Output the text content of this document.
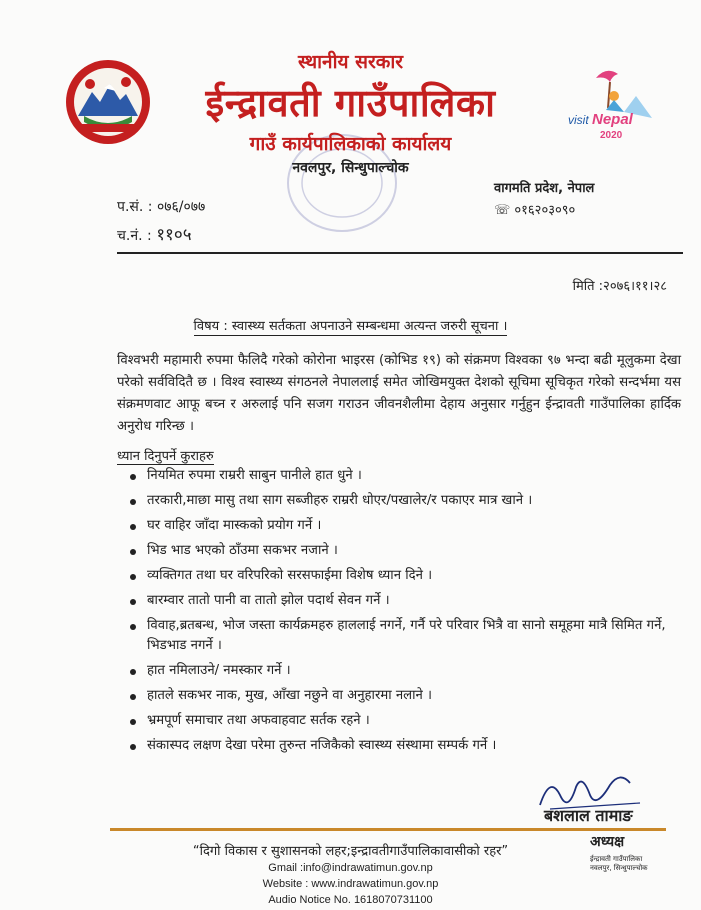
visit Nepal
2020
स्थानीय सरकार
ईन्द्रावती गाउँपालिका
गाउँ कार्यपालिकाको कार्यालय
नवलपुर, सिन्धुपाल्चोक
प.सं. : ०७६/०७७
च.नं. : ११०५
वागमति प्रदेश, नेपाल
☏ ०१६२०३०९०
मिति :२०७६।११।२८
विषय : स्वास्थ्य सर्तकता अपनाउने सम्बन्धमा अत्यन्त जरुरी सूचना ।
विश्वभरी महामारी रुपमा फैलिदै गरेको कोरोना भाइरस (कोभिड १९) को संक्रमण विश्वका ९७ भन्दा बढी मूलुकमा देखा परेको सर्वविदितै छ । विश्व स्वास्थ्य संगठनले नेपाललाई समेत जोखिमयुक्त देशको सूचिमा सूचिकृत गरेको सन्दर्भमा यस संक्रमणवाट आफू बच्न र अरुलाई पनि सजग गराउन जीवनशैलीमा देहाय अनुसार गर्नुहुन ईन्द्रावती गाउँपालिका हार्दिक अनुरोध गरिन्छ ।
ध्यान दिनुपर्ने कुराहरु
नियमित रुपमा राम्ररी साबुन पानीले हात धुने ।
तरकारी,माछा मासु तथा साग सब्जीहरु राम्ररी धोएर/पखालेर/र पकाएर मात्र खाने ।
घर वाहिर जाँदा मास्कको प्रयोग गर्ने ।
भिड भाड भएको ठाँउमा सकभर नजाने ।
व्यक्तिगत तथा घर वरिपरिको सरसफाईमा विशेष ध्यान दिने ।
बारम्वार तातो पानी वा तातो झोल पदार्थ सेवन गर्ने ।
विवाह,ब्रतबन्ध, भोज जस्ता कार्यक्रमहरु हाललाई नगर्ने, गर्नै परे परिवार भित्रै वा सानो समूहमा मात्रै सिमित गर्ने, भिडभाड नगर्ने ।
हात नमिलाउने/ नमस्कार गर्ने ।
हातले सकभर नाक, मुख, आँखा नछुने वा अनुहारमा नलाने ।
भ्रमपूर्ण समाचार तथा अफवाहवाट सर्तक रहने ।
संकास्पद लक्षण देखा परेमा तुरुन्त नजिकैको स्वास्थ्य संस्थामा सम्पर्क गर्ने ।
बशलाल तामाङ
अध्यक्ष
ईन्द्रावती गाउँपालिका
नवलपुर, सिन्धुपाल्चोक
“दिगो विकास र सुशासनको लहर;इन्द्रावतीगाउँपालिकावासीको रहर”
Gmail :info@indrawatimun.gov.np
Website : www.indrawatimun.gov.np
Audio Notice No. 1618070731100
